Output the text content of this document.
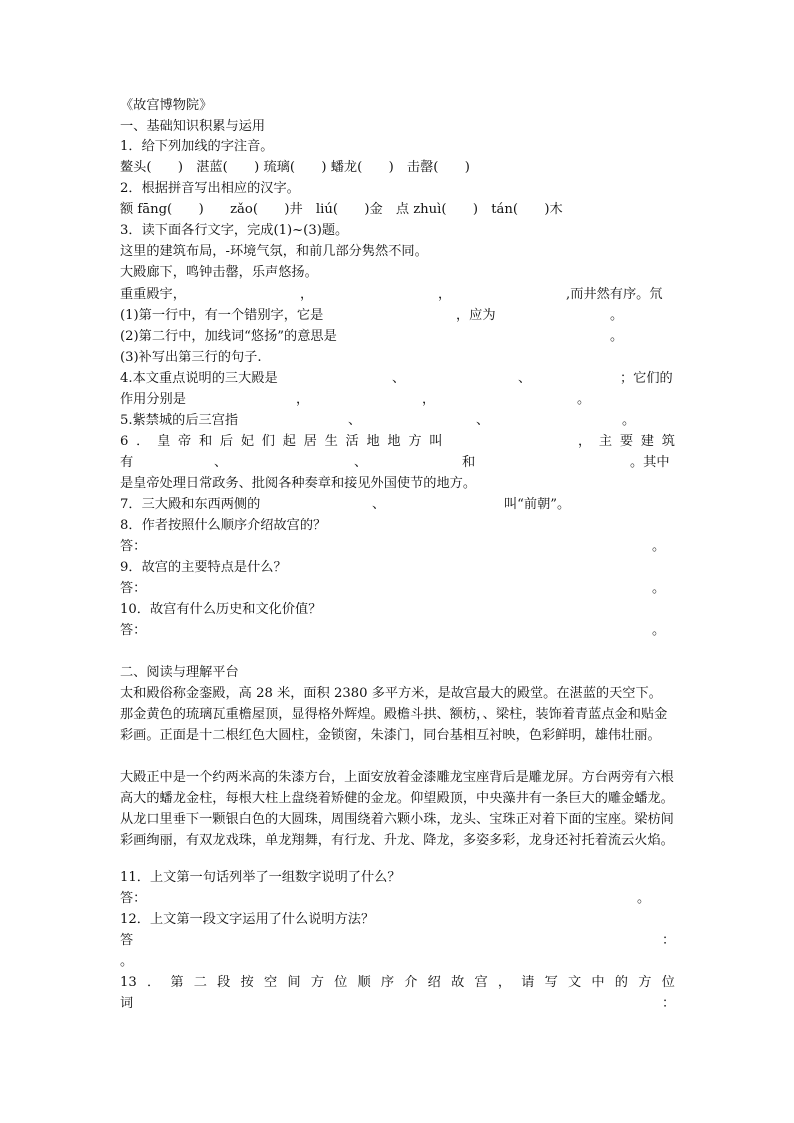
《故宫博物院》
一、基础知识积累与运用
1．给下列加线的字注音。
鳌头(　　)　湛蓝(　　) 琉璃(　　) 蟠龙(　　)　击罄(　　)
2．根据拼音写出相应的汉字。
额 fāng(　　)　　zǎo(　　)井　liú(　　)金　点 zhuì(　　)　tán(　　)木
3．读下面各行文字，完成(1)~(3)题。
这里的建筑布局，-环境气氛，和前几部分隽然不同。
大殿廊下，鸣钟击罄，乐声悠扬。
重重殿宇，	，	，	,而井然有序。氘
(1)第一行中，有一个错别字，它是	，应为	。
(2)第二行中，加线词“悠扬”的意思是	。
(3)补写出第三行的句子.
4.本文重点说明的三大殿是	、	、	；它们的
作用分别是	，	，	。
5.紫禁城的后三宫指	、	、	。
6 ． 皇 帝 和 后 妃 们 起 居 生 活 地 地 方 叫	， 主 要 建 筑
有	、	、	和	。其中
是皇帝处理日常政务、批阅各种奏章和接见外国使节的地方。
7．三大殿和东西两侧的	、	叫“前朝”。
8．作者按照什么顺序介绍故宫的？
答：	。
9．故宫的主要特点是什么？
答：	。
10．故宫有什么历史和文化价值？
答：	。
二、阅读与理解平台
太和殿俗称金銮殿，高 28 米，面积 2380 多平方米，是故宫最大的殿堂。在湛蓝的天空下。那金黄色的琉璃瓦重檐屋顶，显得格外辉煌。殿檐斗拱、额枋，、梁柱，装饰着青蓝点金和贴金彩画。正面是十二根红色大圆柱，金锁窗，朱漆门，同台基相互衬映，色彩鲜明，雄伟壮丽。
大殿正中是一个约两米高的朱漆方台，上面安放着金漆雕龙宝座背后是雕龙屏。方台两旁有六根高大的蟠龙金柱，每根大柱上盘绕着矫健的金龙。仰望殿顶，中央藻井有一条巨大的雕金蟠龙。从龙口里垂下一颗银白色的大圆珠，周围绕着六颗小珠，龙头、宝珠正对着下面的宝座。梁枋间彩画绚丽，有双龙戏珠，单龙翔舞，有行龙、升龙、降龙，多姿多彩，龙身还衬托着流云火焰。
11．上文第一句话列举了一组数字说明了什么？
答：	。
12．上文第一段文字运用了什么说明方法？
答	：
。
13 ． 第 二 段 按 空 间 方 位 顺 序 介 绍 故 宫 ， 请 写 文 中 的 方 位
词	：
